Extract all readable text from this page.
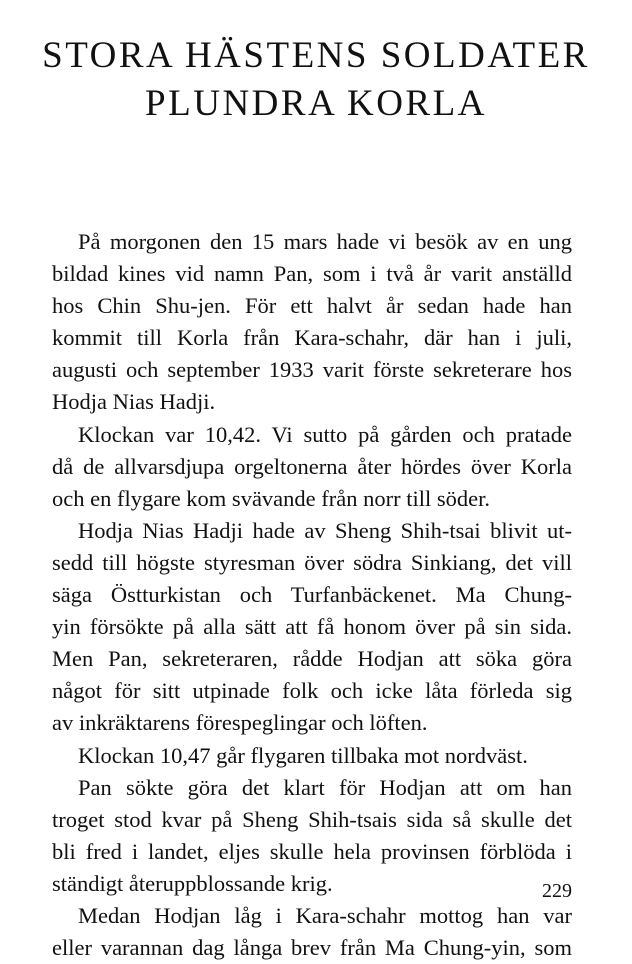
STORA HÄSTENS SOLDATER
PLUNDRA KORLA
På morgonen den 15 mars hade vi besök av en ung
bildad kines vid namn Pan, som i två år varit anställd
hos Chin Shu-jen. För ett halvt år sedan hade han
kommit till Korla från Kara-schahr, där han i juli,
augusti och september 1933 varit förste sekreterare hos
Hodja Nias Hadji.
Klockan var 10,42. Vi sutto på gården och pratade
då de allvarsdjupa orgeltonerna åter hördes över Korla
och en flygare kom svävande från norr till söder.
Hodja Nias Hadji hade av Sheng Shih-tsai blivit ut-
sedd till högste styresman över södra Sinkiang, det vill
säga Östturkistan och Turfanbäckenet. Ma Chung-
yin försökte på alla sätt att få honom över på sin sida.
Men Pan, sekreteraren, rådde Hodjan att söka göra
något för sitt utpinade folk och icke låta förleda sig
av inkräktarens förespeglingar och löften.
Klockan 10,47 går flygaren tillbaka mot nordväst.
Pan sökte göra det klart för Hodjan att om han
troget stod kvar på Sheng Shih-tsais sida så skulle det
bli fred i landet, eljes skulle hela provinsen förblöda i
ständigt återuppblossande krig.
Medan Hodjan låg i Kara-schahr mottog han var
eller varannan dag långa brev från Ma Chung-yin, som
229
